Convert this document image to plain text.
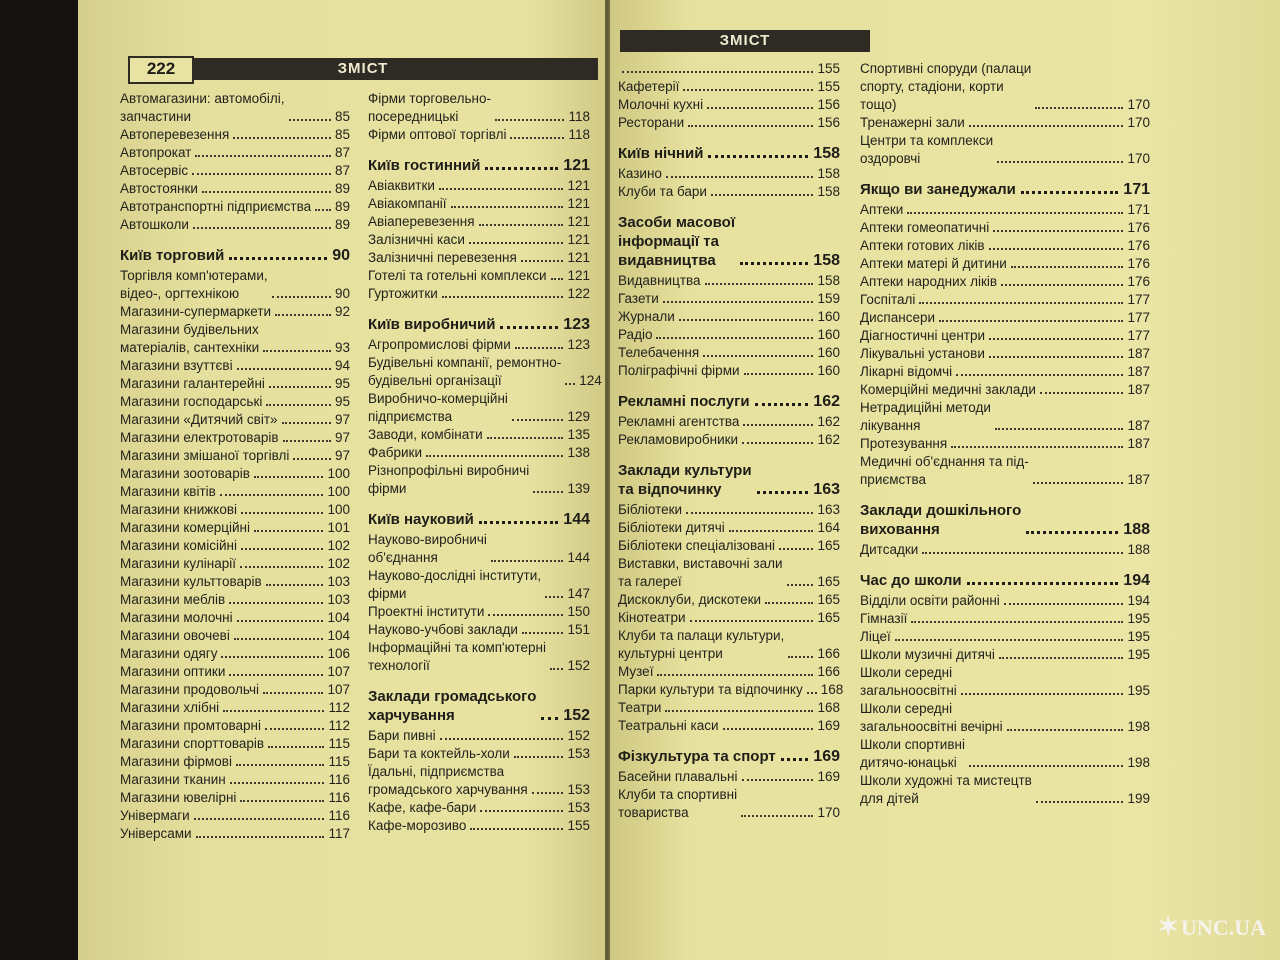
ЗМІСТ
222
Автомагазини: автомобілі,
запчастини	85
Автоперевезення	85
Автопрокат	87
Автосервіс	87
Автостоянки	89
Автотранспортні підприємства 89
Автошколи	89
Київ торговий	90
Торгівля комп'ютерами,
відео-, оргтехнікою	90
Магазини-супермаркети	92
Магазини будівельних
матеріалів, сантехніки	93
Магазини взуттєві	94
Магазини галантерейні	95
Магазини господарські	95
Магазини «Дитячий світ»	97
Магазини електротоварів	97
Магазини змішаної торгівлі	97
Магазини зоотоварів	100
Магазини квітів	100
Магазини книжкові	100
Магазини комерційні	101
Магазини комісійні	102
Магазини кулінарії	102
Магазини культтоварів	103
Магазини меблів	103
Магазини молочні	104
Магазини овочеві	104
Магазини одягу	106
Магазини оптики	107
Магазини продовольчі	107
Магазини хлібні	112
Магазини промтоварні	112
Магазини спорттоварів	115
Магазини фірмові	115
Магазини тканин	116
Магазини ювелірні	116
Універмаги	116
Універсами	117
Фірми торговельно-
посередницькі	118
Фірми оптової торгівлі	118
Київ гостинний	121
Авіаквитки	121
Авіакомпанії	121
Авіаперевезення	121
Залізничні каси	121
Залізничні перевезення	121
Готелі та готельні комплекси 121
Гуртожитки	122
Київ виробничий	123
Агропромислові фірми	123
Будівельні компанії, ремонтно-
будівельні організації	124
Виробничо-комерційні
підприємства	129
Заводи, комбінати	135
Фабрики	138
Різнопрофільні виробничі
фірми	139
Київ науковий	144
Науково-виробничі
об'єднання	144
Науково-дослідні інститути,
фірми	147
Проектні інститути	150
Науково-учбові заклади	151
Інформаційні та комп'ютерні
технології	152
Заклади громадського
харчування	152
Бари пивні	152
Бари та коктейль-холи	153
Їдальні, підприємства
громадського харчування	153
Кафе, кафе-бари	153
Кафе-морозиво	155
ЗМІСТ
155
Кафетерії	155
Молочні кухні	156
Ресторани	156
Київ нічний	158
Казино	158
Клуби та бари	158
Засоби масової
інформації та
видавництва	158
Видавництва	158
Газети	159
Журнали	160
Радіо	160
Телебачення	160
Поліграфічні фірми	160
Рекламні послуги	162
Рекламні агентства	162
Рекламовиробники	162
Заклади культури
та відпочинку	163
Бібліотеки	163
Бібліотеки дитячі	164
Бібліотеки спеціалізовані	165
Виставки, виставочні зали
та галереї	165
Дискоклуби, дискотеки	165
Кінотеатри	165
Клуби та палаци культури,
культурні центри	166
Музеї	166
Парки культури та відпочинку 168
Театри	168
Театральні каси	169
Фізкультура та спорт 169
Басейни плавальні	169
Клуби та спортивні
товариства	170
Спортивні споруди (палаци
спорту, стадіони, корти
тощо)	170
Тренажерні зали	170
Центри та комплекси
оздоровчі	170
Якщо ви занедужали	171
Аптеки	171
Аптеки гомеопатичні	176
Аптеки готових ліків	176
Аптеки матері й дитини	176
Аптеки народних ліків	176
Госпіталі	177
Диспансери	177
Діагностичні центри	177
Лікувальні установи	187
Лікарні відомчі	187
Комерційні медичні заклади	187
Нетрадиційні методи
лікування	187
Протезування	187
Медичні об'єднання та під-
приємства	187
Заклади дошкільного
виховання	188
Дитсадки	188
Час до школи	194
Відділи освіти районні	194
Гімназії	195
Ліцеї	195
Школи музичні дитячі	195
Школи середні
загальноосвітні	195
Школи середні
загальноосвітні вечірні	198
Школи спортивні
дитячо-юнацькі	198
Школи художні та мистецтв
для дітей	199
✶UNC.UA
